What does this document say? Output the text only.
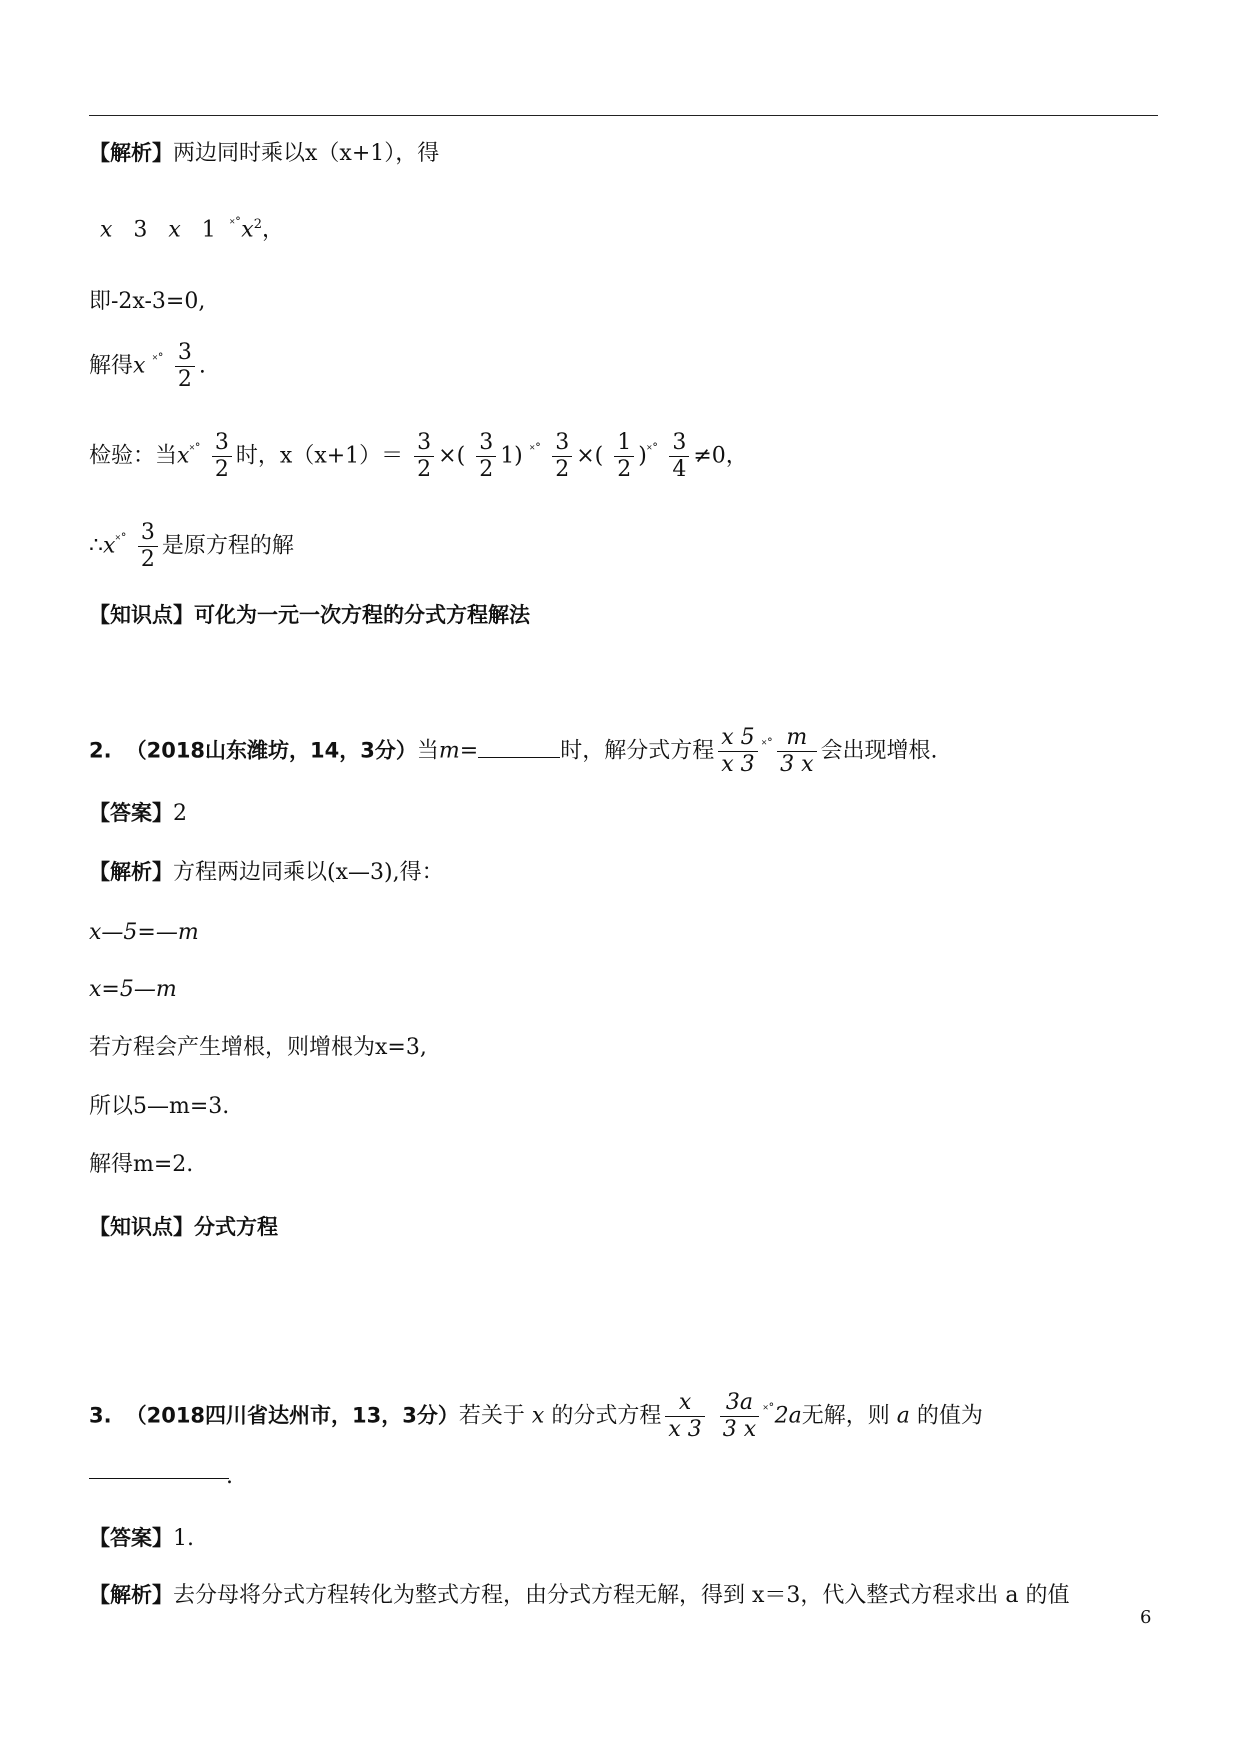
【解析】两边同时乘以x（x+1），得
x 3 x 1 $^{˟˚}x^2$，
即-2x-3=0,
解得x $^{˟˚} \frac{3}{2}$ .
检验：当$x^{˟˚} \frac{3}{2}$ 时，$x(x+1)= \frac{3}{2}$ ×( $\frac{3}{2} 1$) $^{˟˚} \frac{3}{2}$ ×( $\frac{1}{2} )^{˟˚} \frac{3}{4} \ne 0$，
∴x˟˚ $\frac{3}{2}$ 是原方程的解
【知识点】可化为一元一次方程的分式方程解法
2. （2018山东潍坊，14，3分）当m=	时，解分式方程 $\frac{x 5}{x 3} ^{˟˚} \frac{m}{3 x}$ 会出现增根.
【答案】2
【解析】方程两边同乘以(x—3),得：
x—5=—m
x=5—m
若方程会产生增根，则增根为x=3,
所以5—m=3.
解得m=2.
【知识点】分式方程
3. （2018四川省达州市，13，3分）若关于 x 的分式方程 $\frac{x}{x 3}$
$\frac{3a}{3 x} ^{˟˚}2a$无解，则 a 的值为
.
【答案】1.
【解析】去分母将分式方程转化为整式方程，由分式方程无解，得到 x＝3，代入整式方程求出 a 的值
6
